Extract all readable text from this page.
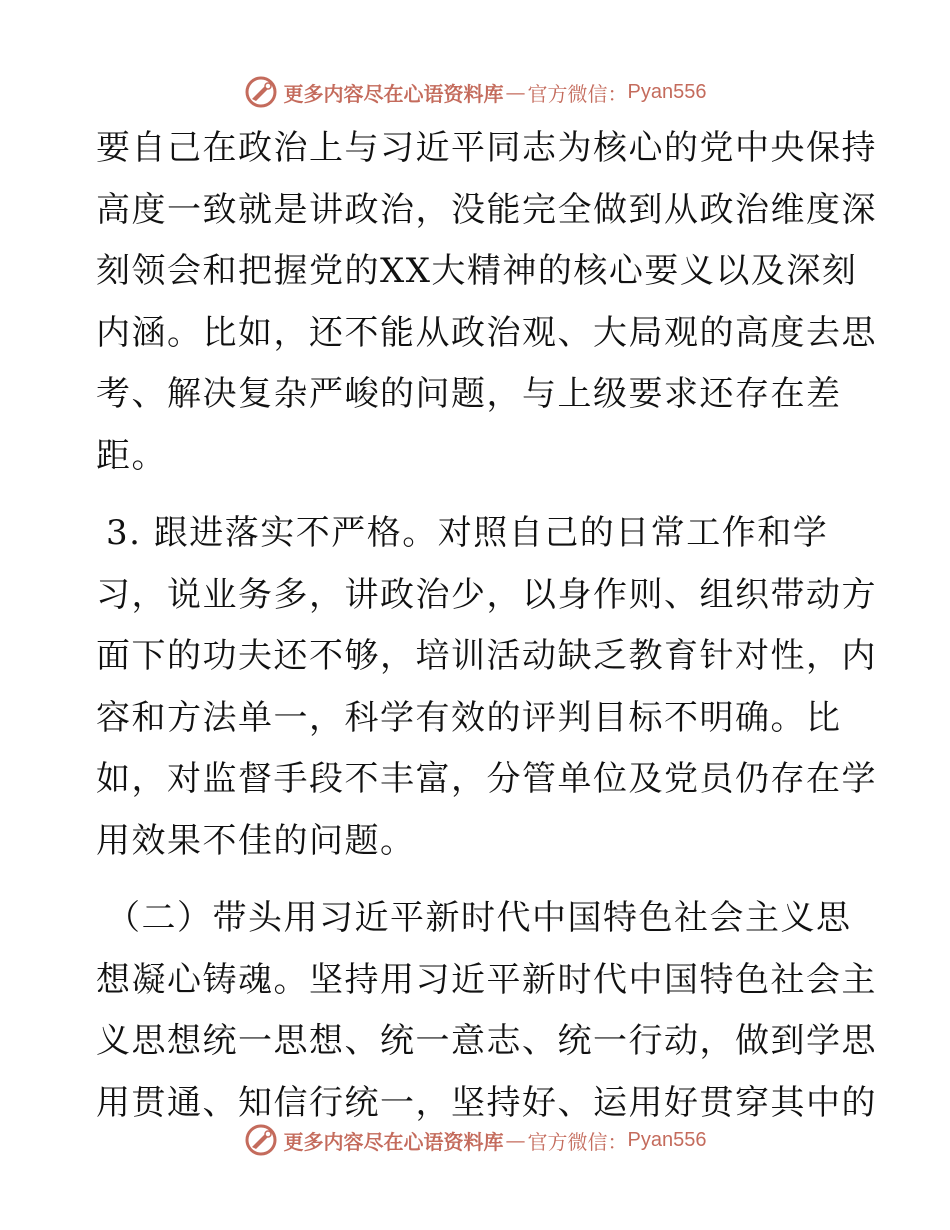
更多内容尽在心语资料库 — 官方微信： Pyan556
要自己在政治上与习近平同志为核心的党中央保持
高度一致就是讲政治，没能完全做到从政治维度深
刻领会和把握党的XX大精神的核心要义以及深刻
内涵。比如，还不能从政治观、大局观的高度去思
考、解决复杂严峻的问题，与上级要求还存在差
距。
3. 跟进落实不严格。对照自己的日常工作和学
习，说业务多，讲政治少，以身作则、组织带动方
面下的功夫还不够，培训活动缺乏教育针对性，内
容和方法单一，科学有效的评判目标不明确。比
如，对监督手段不丰富，分管单位及党员仍存在学
用效果不佳的问题。
（二）带头用习近平新时代中国特色社会主义思
想凝心铸魂。坚持用习近平新时代中国特色社会主
义思想统一思想、统一意志、统一行动，做到学思
用贯通、知信行统一，坚持好、运用好贯穿其中的
更多内容尽在心语资料库 — 官方微信： Pyan556
